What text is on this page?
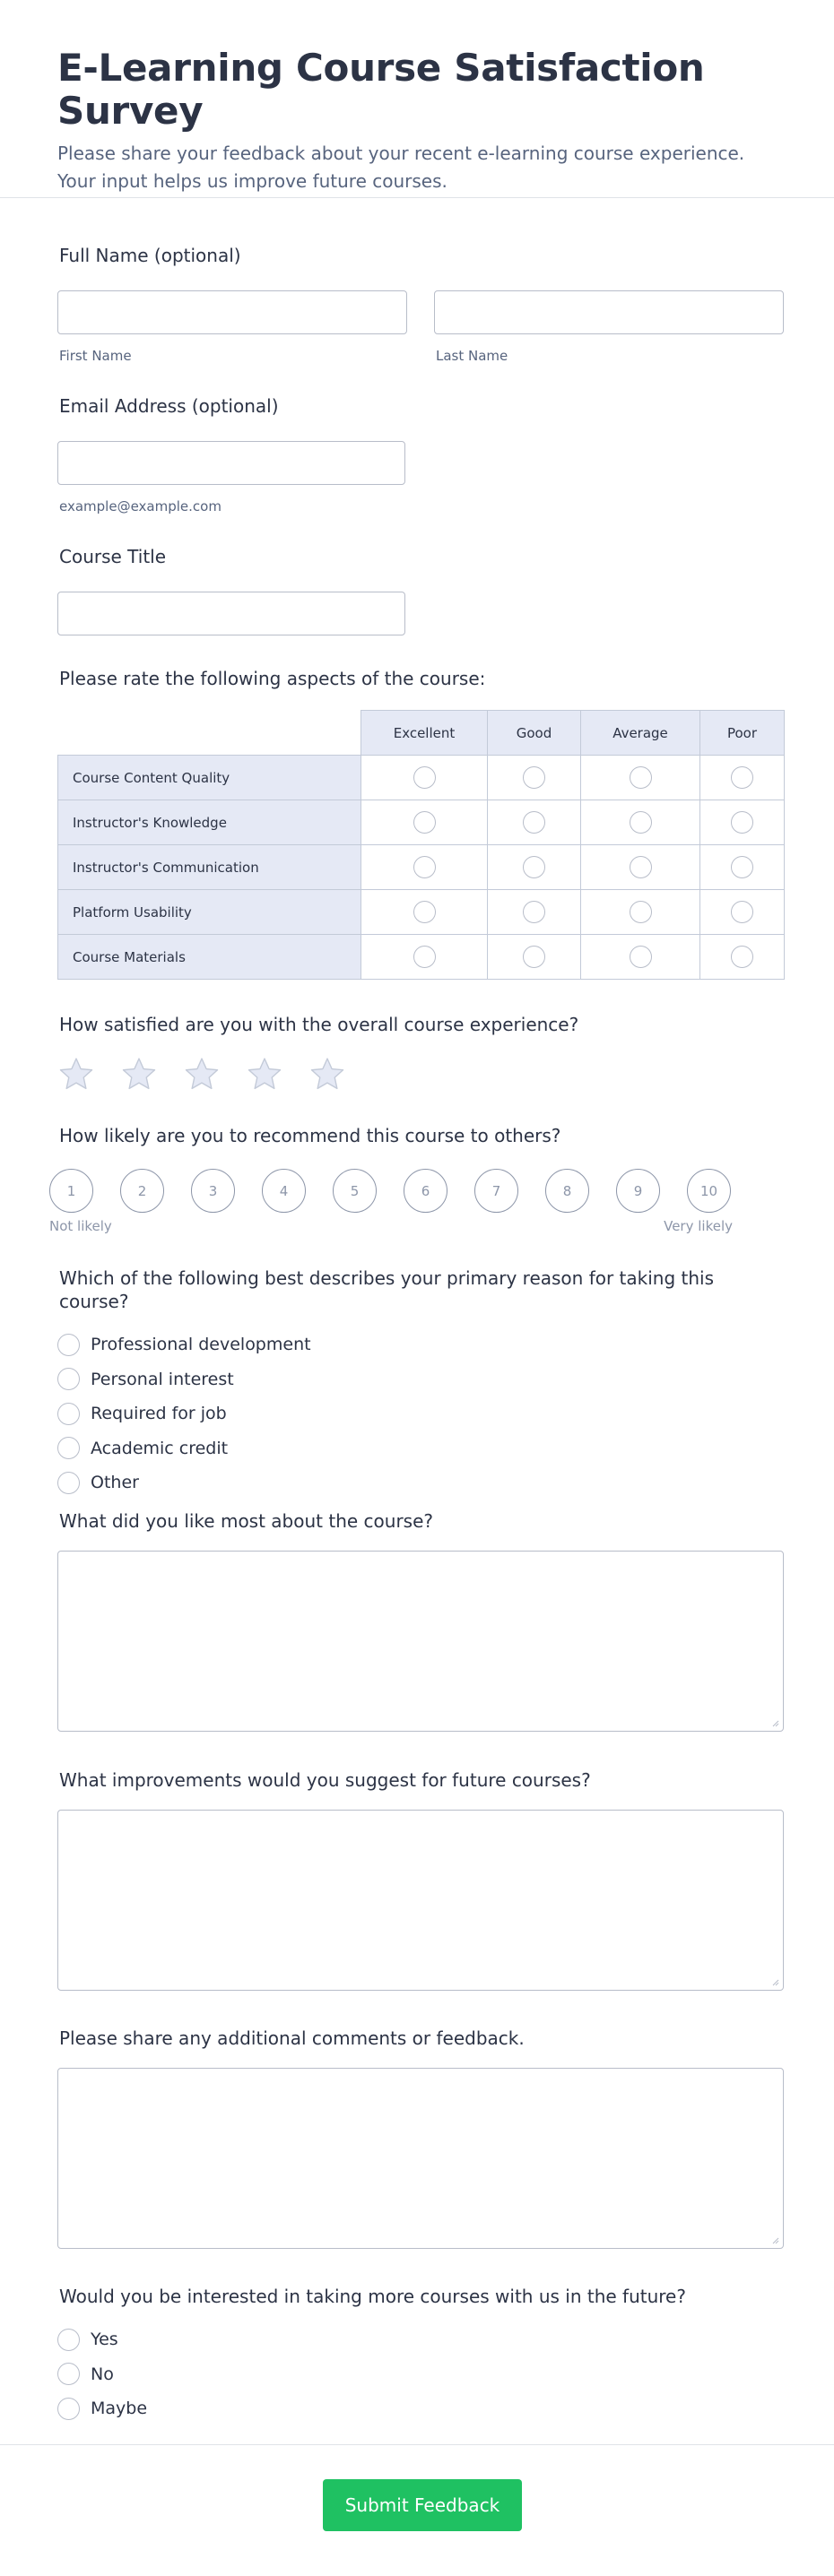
E-Learning Course Satisfaction Survey

Please share your feedback about your recent e-learning course experience. Your input helps us improve future courses.

Full Name (optional)
First Name	Last Name
Email Address (optional)
example@example.com
Course Title
Please rate the following aspects of the course:
	Excellent	Good	Average	Poor
Course Content Quality				
Instructor's Knowledge				
Instructor's Communication				
Platform Usability				
Course Materials				
How satisfied are you with the overall course experience?
How likely are you to recommend this course to others?
1	2	3	4	5	6	7	8	9	10
Not likely	Very likely
Which of the following best describes your primary reason for taking this course?
Professional development
Personal interest
Required for job
Academic credit
Other
What did you like most about the course?
What improvements would you suggest for future courses?
Please share any additional comments or feedback.
Would you be interested in taking more courses with us in the future?
Yes
No
Maybe
Submit Feedback
